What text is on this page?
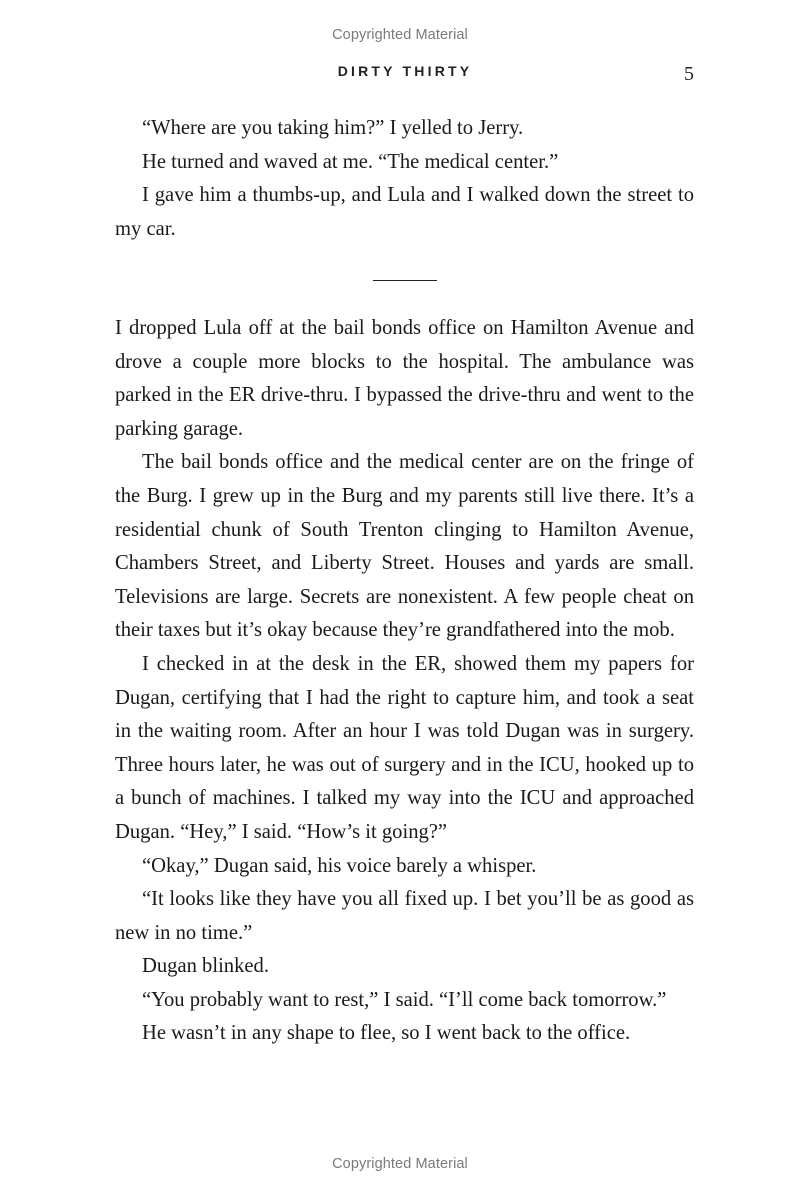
Copyrighted Material
DIRTY THIRTY	5

“Where are you taking him?” I yelled to Jerry.

He turned and waved at me. “The medical center.”

I gave him a thumbs-up, and Lula and I walked down the street to my car.

I dropped Lula off at the bail bonds office on Hamilton Avenue and drove a couple more blocks to the hospital. The ambulance was parked in the ER drive-thru. I bypassed the drive-thru and went to the parking garage.

The bail bonds office and the medical center are on the fringe of the Burg. I grew up in the Burg and my parents still live there. It’s a residential chunk of South Trenton clinging to Hamilton Avenue, Chambers Street, and Liberty Street. Houses and yards are small. Televisions are large. Secrets are nonexistent. A few people cheat on their taxes but it’s okay because they’re grandfathered into the mob.

I checked in at the desk in the ER, showed them my papers for Dugan, certifying that I had the right to capture him, and took a seat in the waiting room. After an hour I was told Dugan was in surgery. Three hours later, he was out of surgery and in the ICU, hooked up to a bunch of machines. I talked my way into the ICU and approached Dugan. “Hey,” I said. “How’s it going?”

“Okay,” Dugan said, his voice barely a whisper.

“It looks like they have you all fixed up. I bet you’ll be as good as new in no time.”

Dugan blinked.

“You probably want to rest,” I said. “I’ll come back tomorrow.”

He wasn’t in any shape to flee, so I went back to the office.

Copyrighted Material
